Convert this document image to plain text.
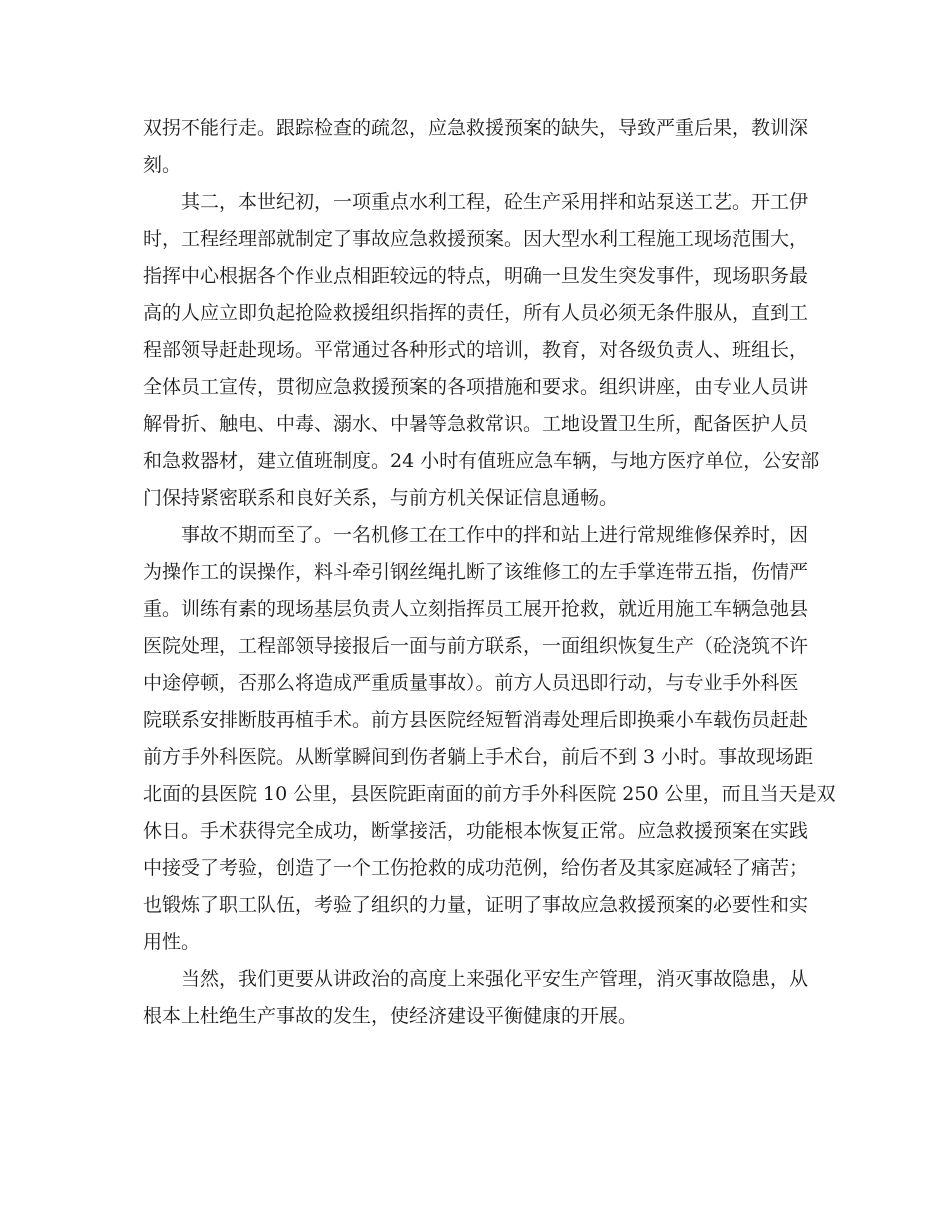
双拐不能行走。跟踪检查的疏忽，应急救援预案的缺失，导致严重后果，教训深

刻。

　　其二，本世纪初，一项重点水利工程，砼生产采用拌和站泵送工艺。开工伊

时，工程经理部就制定了事故应急救援预案。因大型水利工程施工现场范围大，

指挥中心根据各个作业点相距较远的特点，明确一旦发生突发事件，现场职务最

高的人应立即负起抢险救援组织指挥的责任，所有人员必须无条件服从，直到工

程部领导赶赴现场。平常通过各种形式的培训，教育，对各级负责人、班组长，

全体员工宣传，贯彻应急救援预案的各项措施和要求。组织讲座，由专业人员讲

解骨折、触电、中毒、溺水、中暑等急救常识。工地设置卫生所，配备医护人员

和急救器材，建立值班制度。24 小时有值班应急车辆，与地方医疗单位，公安部

门保持紧密联系和良好关系，与前方机关保证信息通畅。

　　事故不期而至了。一名机修工在工作中的拌和站上进行常规维修保养时，因

为操作工的误操作，料斗牵引钢丝绳扎断了该维修工的左手掌连带五指，伤情严

重。训练有素的现场基层负责人立刻指挥员工展开抢救，就近用施工车辆急弛县

医院处理，工程部领导接报后一面与前方联系，一面组织恢复生产（砼浇筑不许

中途停顿，否那么将造成严重质量事故）。前方人员迅即行动，与专业手外科医

院联系安排断肢再植手术。前方县医院经短暂消毒处理后即换乘小车载伤员赶赴

前方手外科医院。从断掌瞬间到伤者躺上手术台，前后不到 3 小时。事故现场距

北面的县医院 10 公里，县医院距南面的前方手外科医院 250 公里，而且当天是双

休日。手术获得完全成功，断掌接活，功能根本恢复正常。应急救援预案在实践

中接受了考验，创造了一个工伤抢救的成功范例，给伤者及其家庭减轻了痛苦；

也锻炼了职工队伍，考验了组织的力量，证明了事故应急救援预案的必要性和实

用性。

　　当然，我们更要从讲政治的高度上来强化平安生产管理，消灭事故隐患，从

根本上杜绝生产事故的发生，使经济建设平衡健康的开展。
